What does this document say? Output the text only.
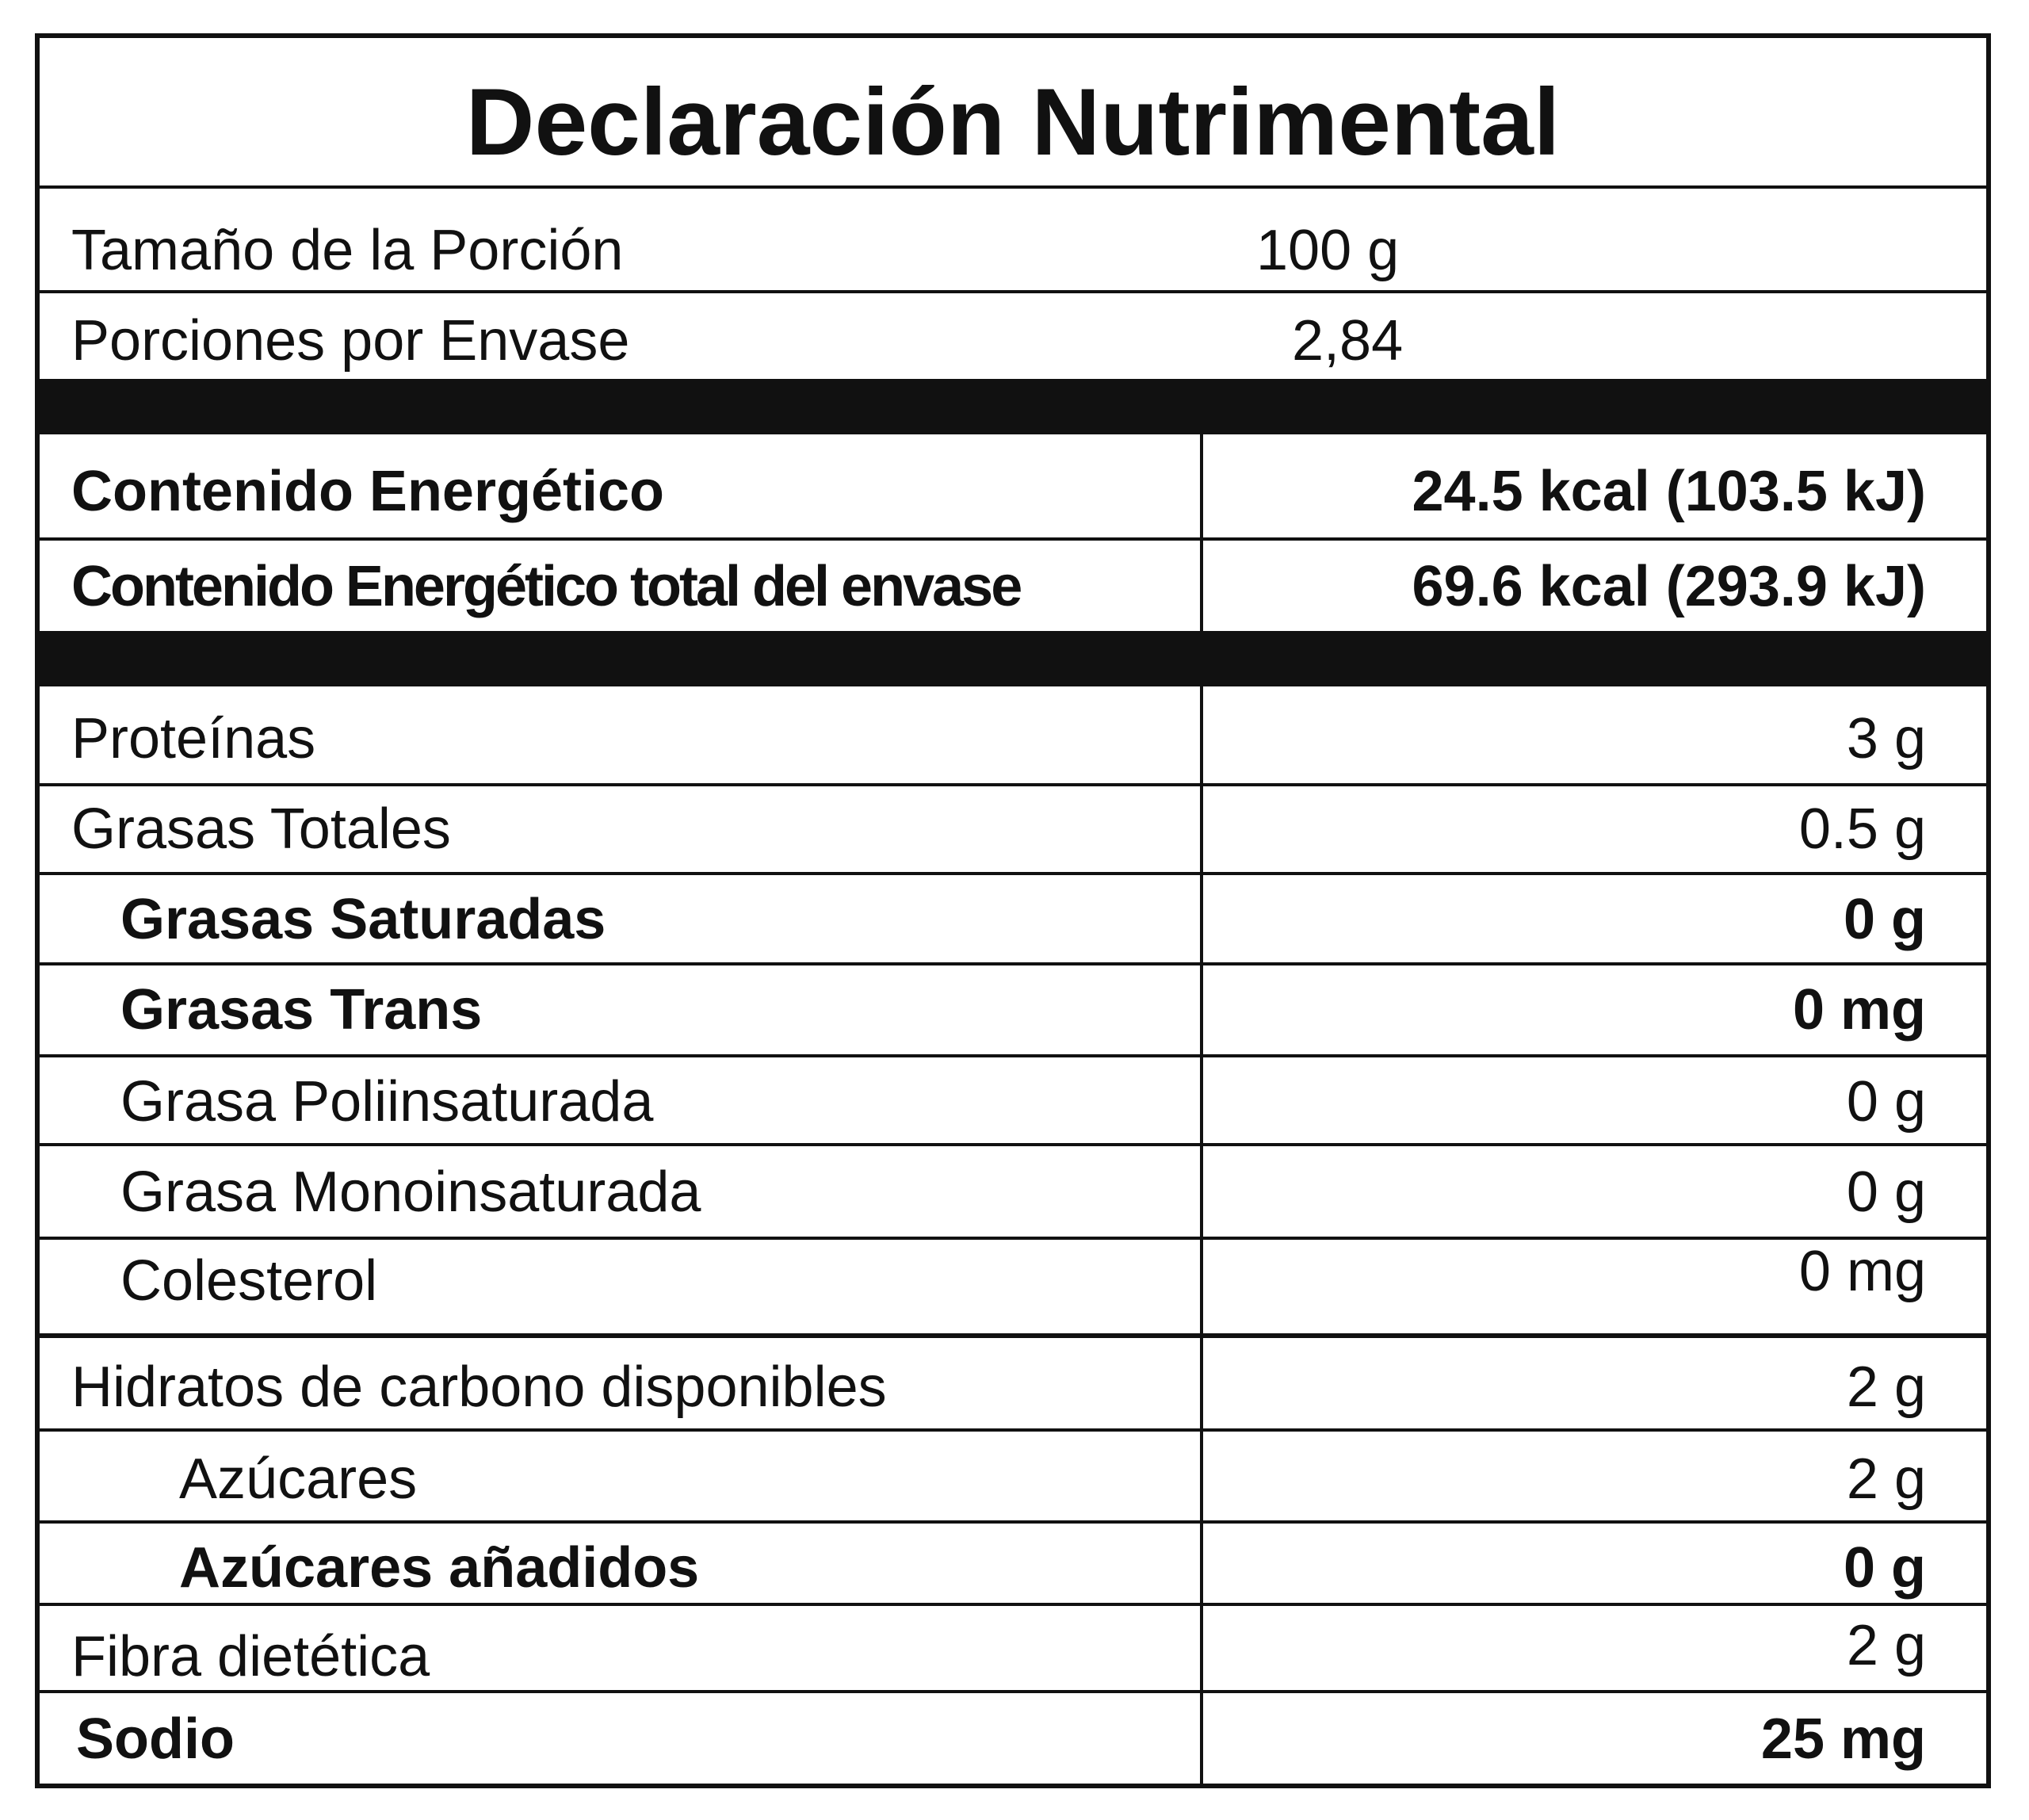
Declaración Nutrimental
Tamaño de la Porción	100 g
Porciones por Envase	2,84
Contenido Energético	24.5 kcal (103.5 kJ)
Contenido Energético total del envase	69.6 kcal (293.9 kJ)
Proteínas	3 g
Grasas Totales	0.5 g
Grasas Saturadas	0 g
Grasas Trans	0 mg
Grasa Poliinsaturada	0 g
Grasa Monoinsaturada	0 g
Colesterol	0 mg
Hidratos de carbono disponibles	2 g
Azúcares	2 g
Azúcares añadidos	0 g
Fibra dietética	2 g
Sodio	25 mg
